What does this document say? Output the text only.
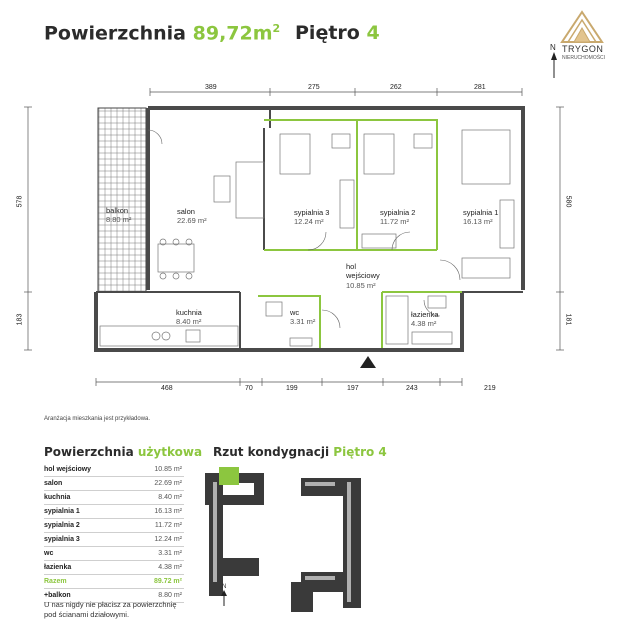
Powierzchnia $89,72m^2$ Piętro 4
TRYGON
NIERUCHOMOŚCI
N
389	275	262	281
468	70	199	197	243	219
578
183
580
181
balkon
8.80 m²
salon
22.69 m²
sypialnia 3
12.24 m²
sypialnia 2
11.72 m²
sypialnia 1
16.13 m²
hol
wejściowy
10.85 m²
kuchnia
8.40 m²
wc
3.31 m²
łazienka
4.38 m²
Aranżacja mieszkania jest przykładowa.
Powierzchnia użytkowa
hol wejściowy	10.85 m²
salon	22.69 m²
kuchnia	8.40 m²
sypialnia 1	16.13 m²
sypialnia 2	11.72 m²
sypialnia 3	12.24 m²
wc	3.31 m²
łazienka	4.38 m²
Razem	89.72 m²
+balkon	8.80 m²
U nas nigdy nie płacisz za powierzchnię
pod ścianami działowymi.
Rzut kondygnacji Piętro 4
N
